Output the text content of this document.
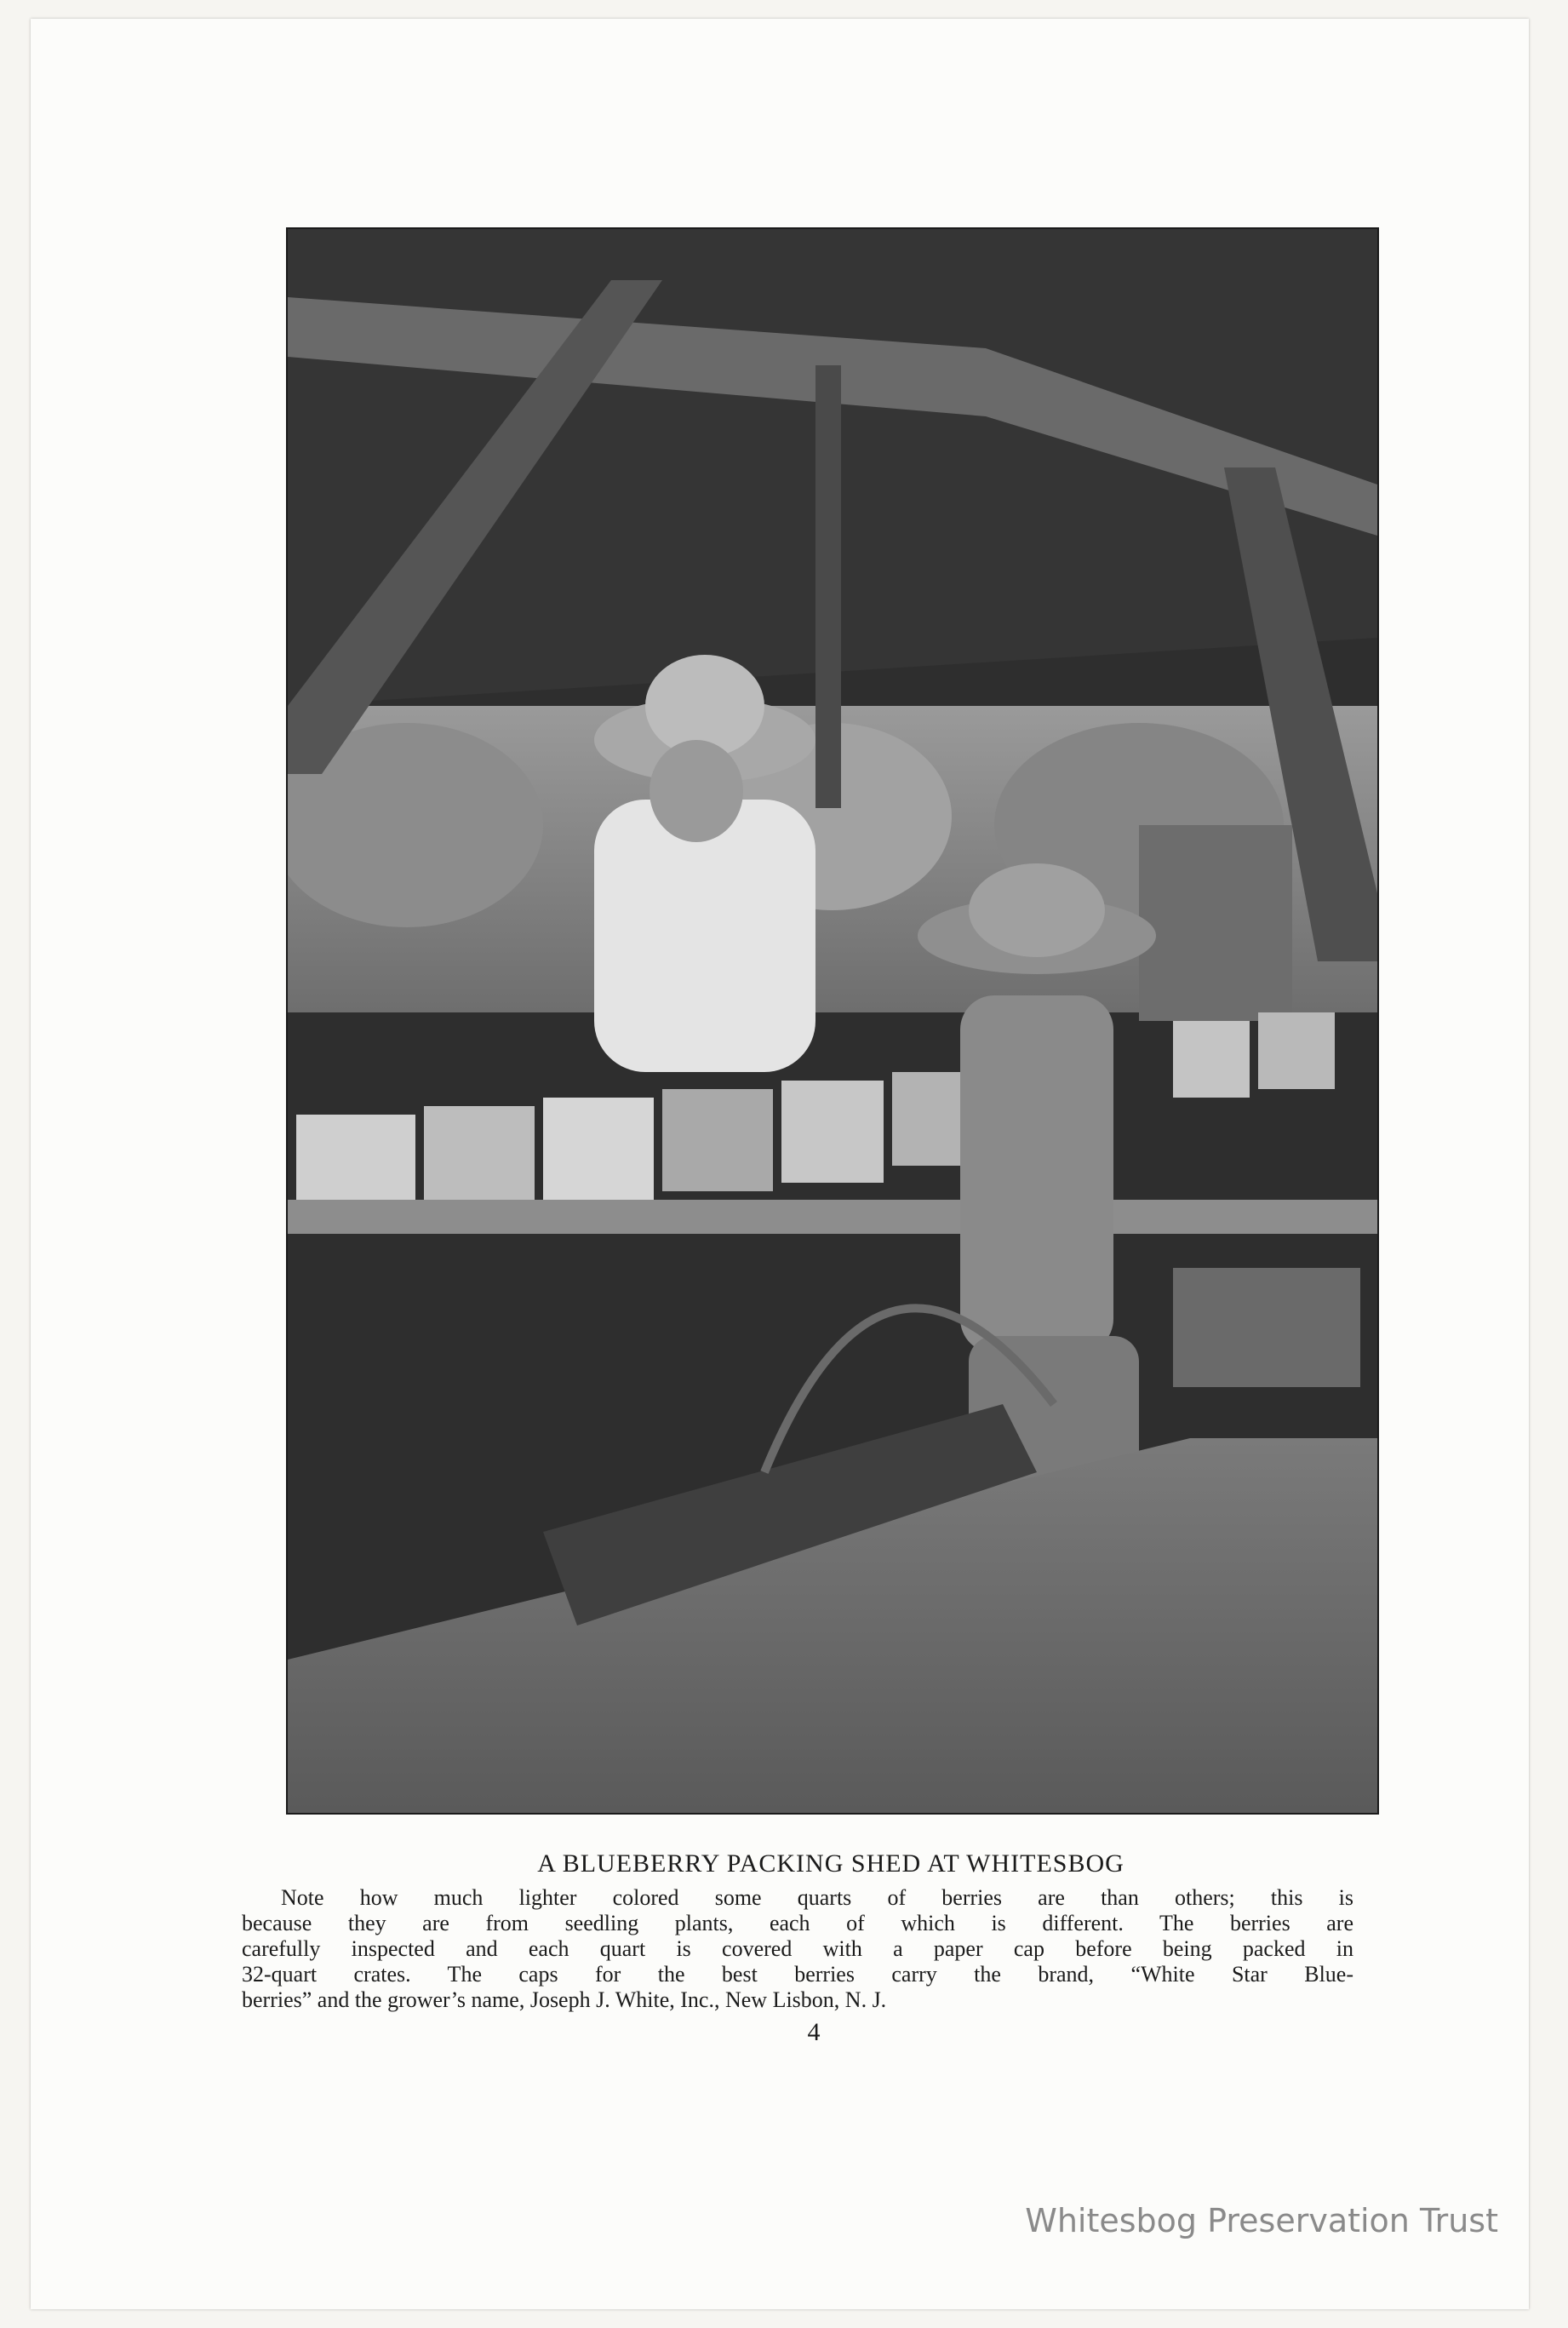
A BLUEBERRY PACKING SHED AT WHITESBOG
Note how much lighter colored some quarts of berries are than others; this is
because they are from seedling plants, each of which is different. The berries are
carefully inspected and each quart is covered with a paper cap before being packed in
32-quart crates. The caps for the best berries carry the brand, “White Star Blue-
berries” and the grower’s name, Joseph J. White, Inc., New Lisbon, N. J.
4
Whitesbog Preservation Trust
